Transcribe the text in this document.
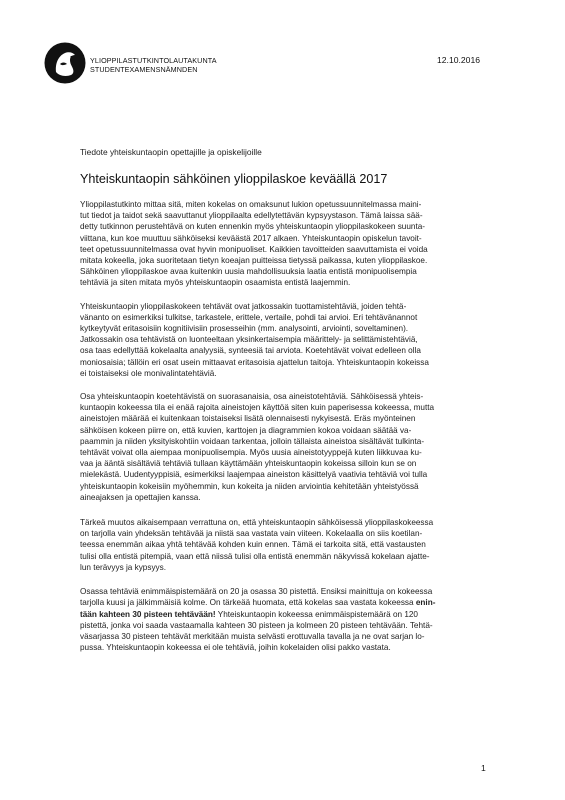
YLIOPPILASTUTKINTOLAUTAKUNTA
STUDENTEXAMENSNÄMNDEN
12.10.2016
Tiedote yhteiskuntaopin opettajille ja opiskelijoille
Yhteiskuntaopin sähköinen ylioppilaskoe keväällä 2017

Ylioppilastutkinto mittaa sitä, miten kokelas on omaksunut lukion opetussuunnitelmassa maini-
tut tiedot ja taidot sekä saavuttanut ylioppilaalta edellytettävän kypsyystason. Tämä laissa sää-
detty tutkinnon perustehtävä on kuten ennenkin myös yhteiskuntaopin ylioppilaskokeen suunta-
viittana, kun koe muuttuu sähköiseksi keväästä 2017 alkaen. Yhteiskuntaopin opiskelun tavoit-
teet opetussuunnitelmassa ovat hyvin monipuoliset. Kaikkien tavoitteiden saavuttamista ei voida
mitata kokeella, joka suoritetaan tietyn koeajan puitteissa tietyssä paikassa, kuten ylioppilaskoe.
Sähköinen ylioppilaskoe avaa kuitenkin uusia mahdollisuuksia laatia entistä monipuolisempia
tehtäviä ja siten mitata myös yhteiskuntaopin osaamista entistä laajemmin.

Yhteiskuntaopin ylioppilaskokeen tehtävät ovat jatkossakin tuottamistehtäviä, joiden tehtä-
vänanto on esimerkiksi tulkitse, tarkastele, erittele, vertaile, pohdi tai arvioi. Eri tehtävänannot
kytkeytyvät eritasoisiin kognitiivisiin prosesseihin (mm. analysointi, arviointi, soveltaminen).
Jatkossakin osa tehtävistä on luonteeltaan yksinkertaisempia määrittely- ja selittämistehtäviä,
osa taas edellyttää kokelaalta analyysiä, synteesiä tai arviota. Koetehtävät voivat edelleen olla
moniosaisia; tällöin eri osat usein mittaavat eritasoisia ajattelun taitoja. Yhteiskuntaopin kokeissa
ei toistaiseksi ole monivalintatehtäviä.

Osa yhteiskuntaopin koetehtävistä on suorasanaisia, osa aineistotehtäviä. Sähköisessä yhteis-
kuntaopin kokeessa tila ei enää rajoita aineistojen käyttöä siten kuin paperisessa kokeessa, mutta
aineistojen määrää ei kuitenkaan toistaiseksi lisätä olennaisesti nykyisestä. Eräs myönteinen
sähköisen kokeen piirre on, että kuvien, karttojen ja diagrammien kokoa voidaan säätää va-
paammin ja niiden yksityiskohtiin voidaan tarkentaa, jolloin tällaista aineistoa sisältävät tulkinta-
tehtävät voivat olla aiempaa monipuolisempia. Myös uusia aineistotyyppejä kuten liikkuvaa ku-
vaa ja ääntä sisältäviä tehtäviä tullaan käyttämään yhteiskuntaopin kokeissa silloin kun se on
mielekästä. Uudentyyppisiä, esimerkiksi laajempaa aineiston käsittelyä vaativia tehtäviä voi tulla
yhteiskuntaopin kokeisiin myöhemmin, kun kokeita ja niiden arviointia kehitetään yhteistyössä
aineajaksen ja opettajien kanssa.

Tärkeä muutos aikaisempaan verrattuna on, että yhteiskuntaopin sähköisessä ylioppilaskokeessa
on tarjolla vain yhdeksän tehtävää ja niistä saa vastata vain viiteen. Kokelaalla on siis koetilan-
teessa enemmän aikaa yhtä tehtävää kohden kuin ennen. Tämä ei tarkoita sitä, että vastausten
tulisi olla entistä pitempiä, vaan että niissä tulisi olla entistä enemmän näkyvissä kokelaan ajatte-
lun terävyys ja kypsyys.

Osassa tehtäviä enimmäispistemäärä on 20 ja osassa 30 pistettä. Ensiksi mainittuja on kokeessa
tarjolla kuusi ja jälkimmäisiä kolme. On tärkeää huomata, että kokelas saa vastata kokeessa enin-
tään kahteen 30 pisteen tehtävään! Yhteiskuntaopin kokeessa enimmäispistemäärä on 120
pistettä, jonka voi saada vastaamalla kahteen 30 pisteen ja kolmeen 20 pisteen tehtävään. Tehtä-
väsarjassa 30 pisteen tehtävät merkitään muista selvästi erottuvalla tavalla ja ne ovat sarjan lo-
pussa. Yhteiskuntaopin kokeessa ei ole tehtäviä, joihin kokelaiden olisi pakko vastata.

1
